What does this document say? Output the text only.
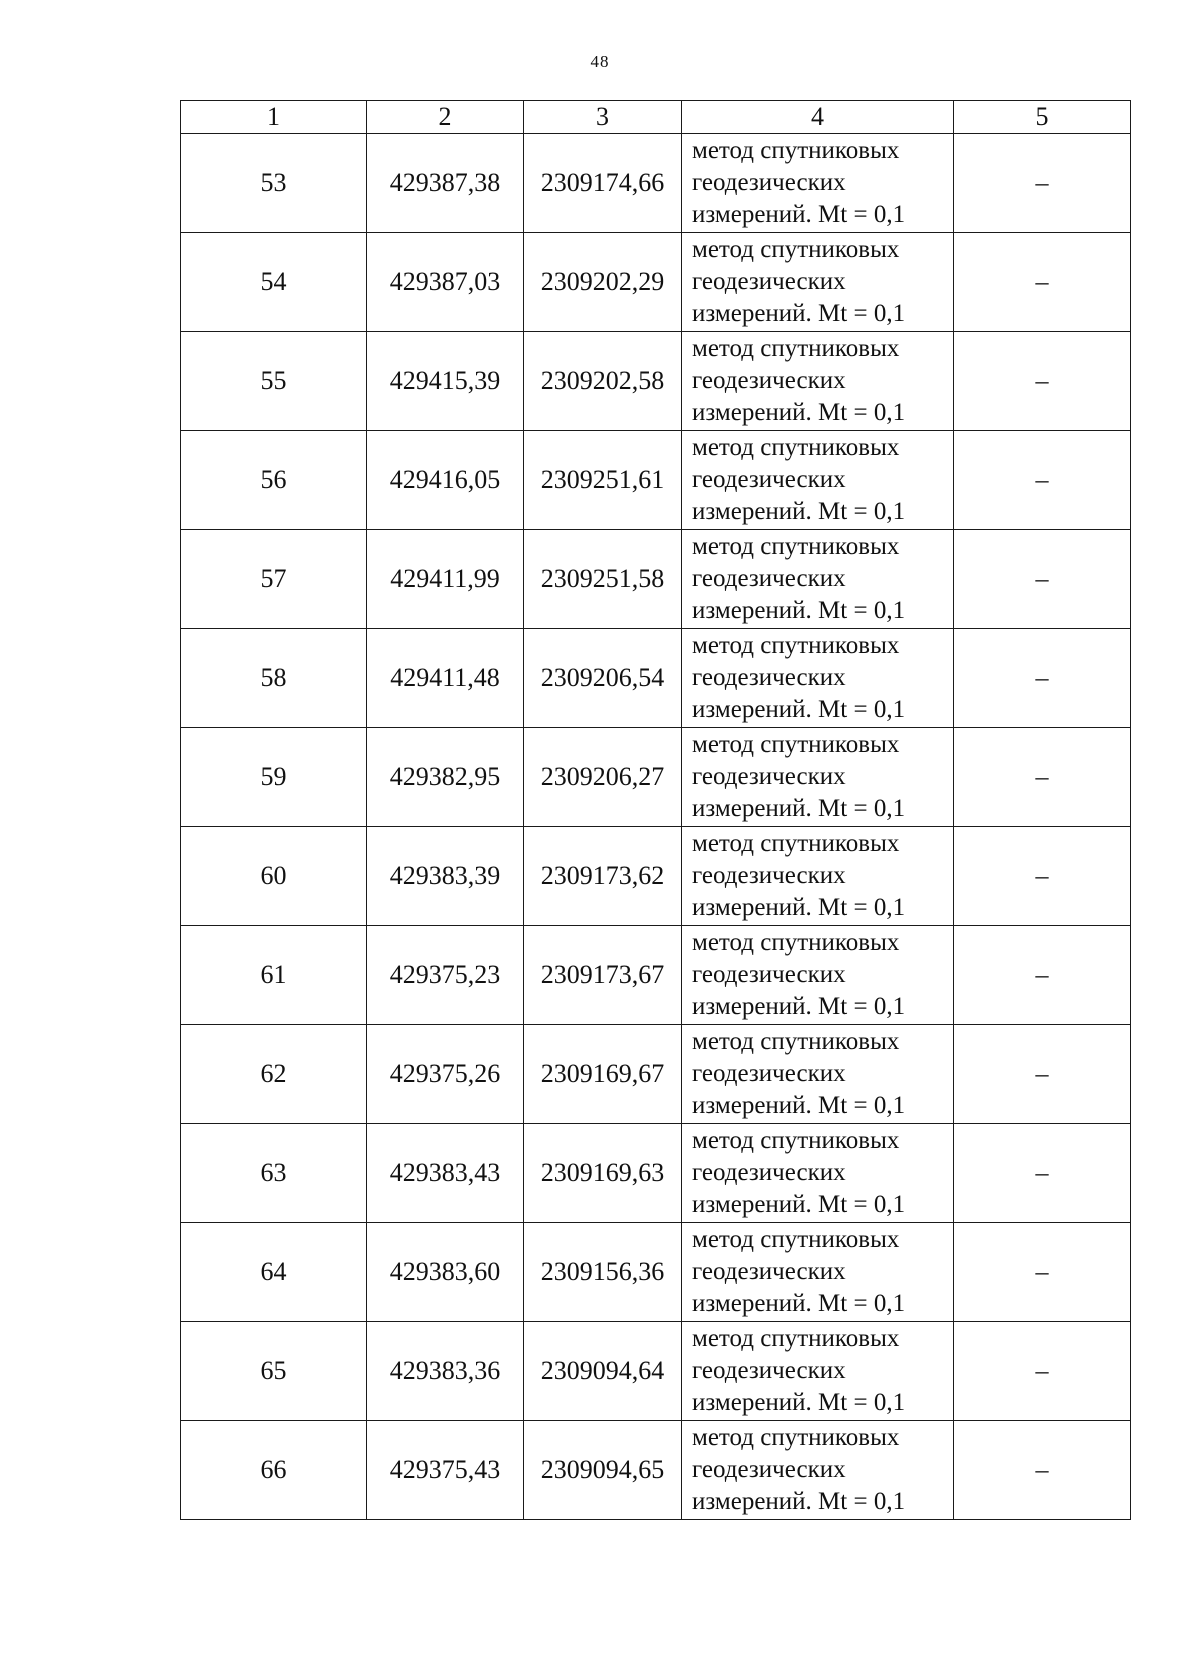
48
1	2	3	4	5
53	429387,38	2309174,66	метод спутниковых
геодезических
измерений. Mt = 0,1	–
54	429387,03	2309202,29	метод спутниковых
геодезических
измерений. Mt = 0,1	–
55	429415,39	2309202,58	метод спутниковых
геодезических
измерений. Mt = 0,1	–
56	429416,05	2309251,61	метод спутниковых
геодезических
измерений. Mt = 0,1	–
57	429411,99	2309251,58	метод спутниковых
геодезических
измерений. Mt = 0,1	–
58	429411,48	2309206,54	метод спутниковых
геодезических
измерений. Mt = 0,1	–
59	429382,95	2309206,27	метод спутниковых
геодезических
измерений. Mt = 0,1	–
60	429383,39	2309173,62	метод спутниковых
геодезических
измерений. Mt = 0,1	–
61	429375,23	2309173,67	метод спутниковых
геодезических
измерений. Mt = 0,1	–
62	429375,26	2309169,67	метод спутниковых
геодезических
измерений. Mt = 0,1	–
63	429383,43	2309169,63	метод спутниковых
геодезических
измерений. Mt = 0,1	–
64	429383,60	2309156,36	метод спутниковых
геодезических
измерений. Mt = 0,1	–
65	429383,36	2309094,64	метод спутниковых
геодезических
измерений. Mt = 0,1	–
66	429375,43	2309094,65	метод спутниковых
геодезических
измерений. Mt = 0,1	–
